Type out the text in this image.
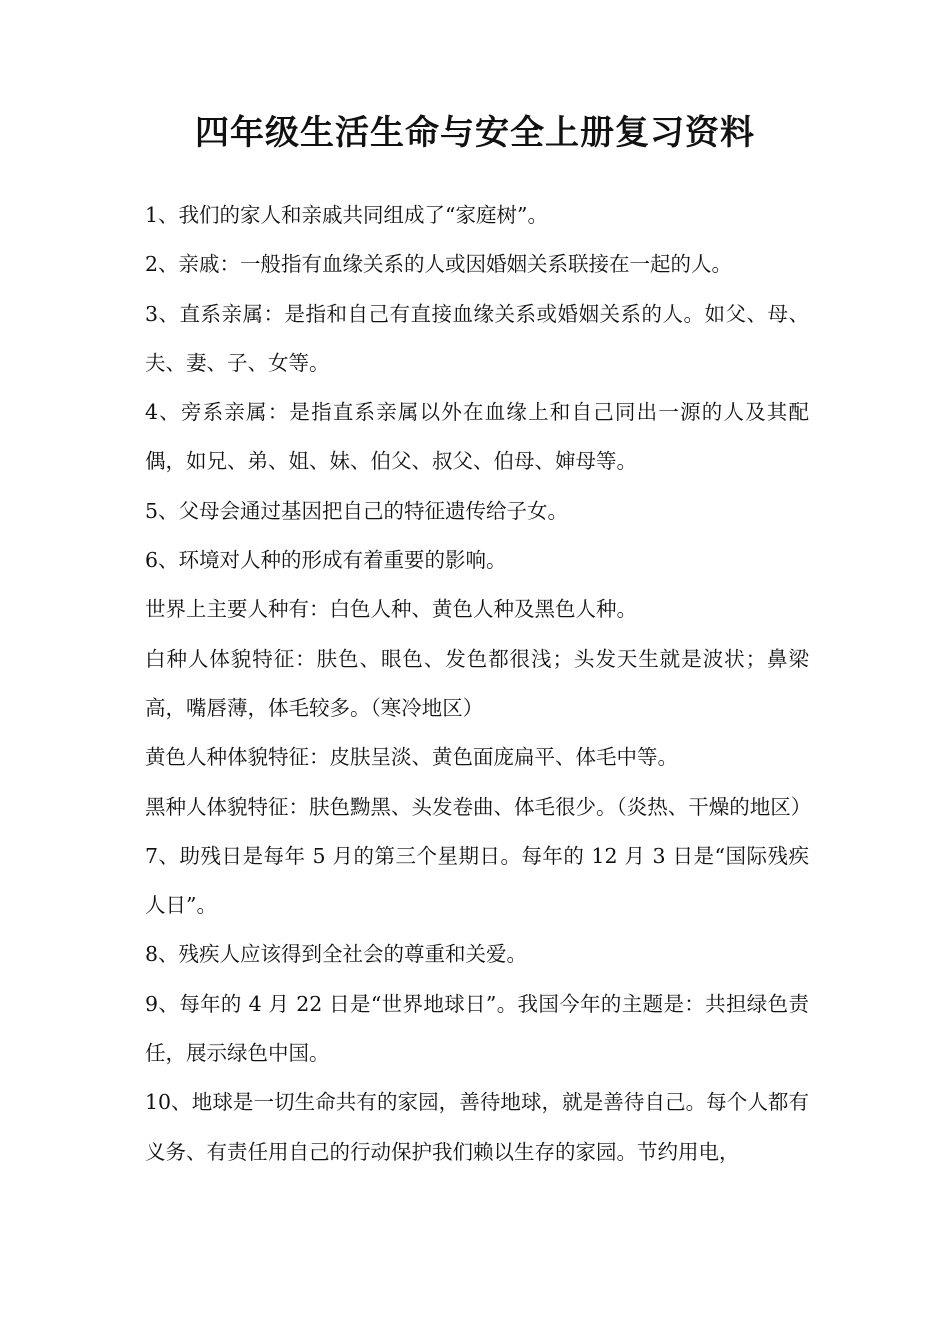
四年级生活生命与安全上册复习资料

1、我们的家人和亲戚共同组成了“家庭树”。

2、亲戚：一般指有血缘关系的人或因婚姻关系联接在一起的人。

3、直系亲属：是指和自己有直接血缘关系或婚姻关系的人。如父、母、夫、妻、子、女等。

4、旁系亲属：是指直系亲属以外在血缘上和自己同出一源的人及其配偶，如兄、弟、姐、妹、伯父、叔父、伯母、婶母等。

5、父母会通过基因把自己的特征遗传给子女。

6、环境对人种的形成有着重要的影响。

世界上主要人种有：白色人种、黄色人种及黑色人种。

白种人体貌特征：肤色、眼色、发色都很浅；头发天生就是波状；鼻梁高，嘴唇薄，体毛较多。（寒冷地区）

黄色人种体貌特征：皮肤呈淡、黄色面庞扁平、体毛中等。

黑种人体貌特征：肤色黝黑、头发卷曲、体毛很少。（炎热、干燥的地区）

7、助残日是每年 5 月的第三个星期日。每年的 12 月 3 日是“国际残疾人日”。

8、残疾人应该得到全社会的尊重和关爱。

9、每年的 4 月 22 日是“世界地球日”。我国今年的主题是：共担绿色责任，展示绿色中国。

10、地球是一切生命共有的家园，善待地球，就是善待自己。每个人都有义务、有责任用自己的行动保护我们赖以生存的家园。节约用电，
